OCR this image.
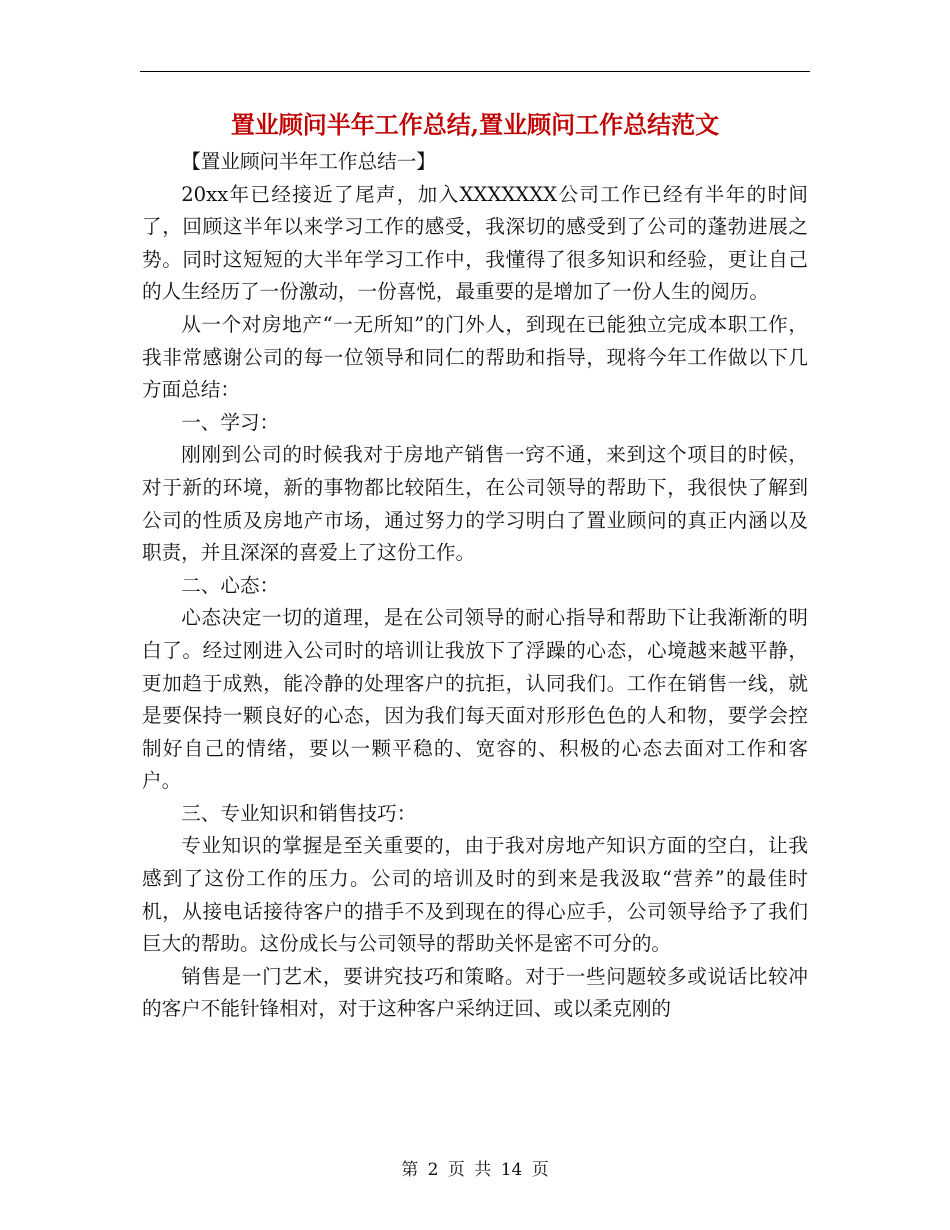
置业顾问半年工作总结,置业顾问工作总结范文

【置业顾问半年工作总结一】

20xx年已经接近了尾声，加入XXXXXXX公司工作已经有半年的时间了，回顾这半年以来学习工作的感受，我深切的感受到了公司的蓬勃进展之势。同时这短短的大半年学习工作中，我懂得了很多知识和经验，更让自己的人生经历了一份激动，一份喜悦，最重要的是增加了一份人生的阅历。

从一个对房地产“一无所知”的门外人，到现在已能独立完成本职工作，我非常感谢公司的每一位领导和同仁的帮助和指导，现将今年工作做以下几方面总结：

一、学习：

刚刚到公司的时候我对于房地产销售一窍不通，来到这个项目的时候，对于新的环境，新的事物都比较陌生，在公司领导的帮助下，我很快了解到公司的性质及房地产市场，通过努力的学习明白了置业顾问的真正内涵以及职责，并且深深的喜爱上了这份工作。

二、心态：

心态决定一切的道理，是在公司领导的耐心指导和帮助下让我渐渐的明白了。经过刚进入公司时的培训让我放下了浮躁的心态，心境越来越平静，更加趋于成熟，能冷静的处理客户的抗拒，认同我们。工作在销售一线，就是要保持一颗良好的心态，因为我们每天面对形形色色的人和物，要学会控制好自己的情绪，要以一颗平稳的、宽容的、积极的心态去面对工作和客户。

三、专业知识和销售技巧：

专业知识的掌握是至关重要的，由于我对房地产知识方面的空白，让我感到了这份工作的压力。公司的培训及时的到来是我汲取“营养”的最佳时机，从接电话接待客户的措手不及到现在的得心应手，公司领导给予了我们巨大的帮助。这份成长与公司领导的帮助关怀是密不可分的。

销售是一门艺术，要讲究技巧和策略。对于一些问题较多或说话比较冲的客户不能针锋相对，对于这种客户采纳迂回、或以柔克刚的

第 2 页 共 14 页
